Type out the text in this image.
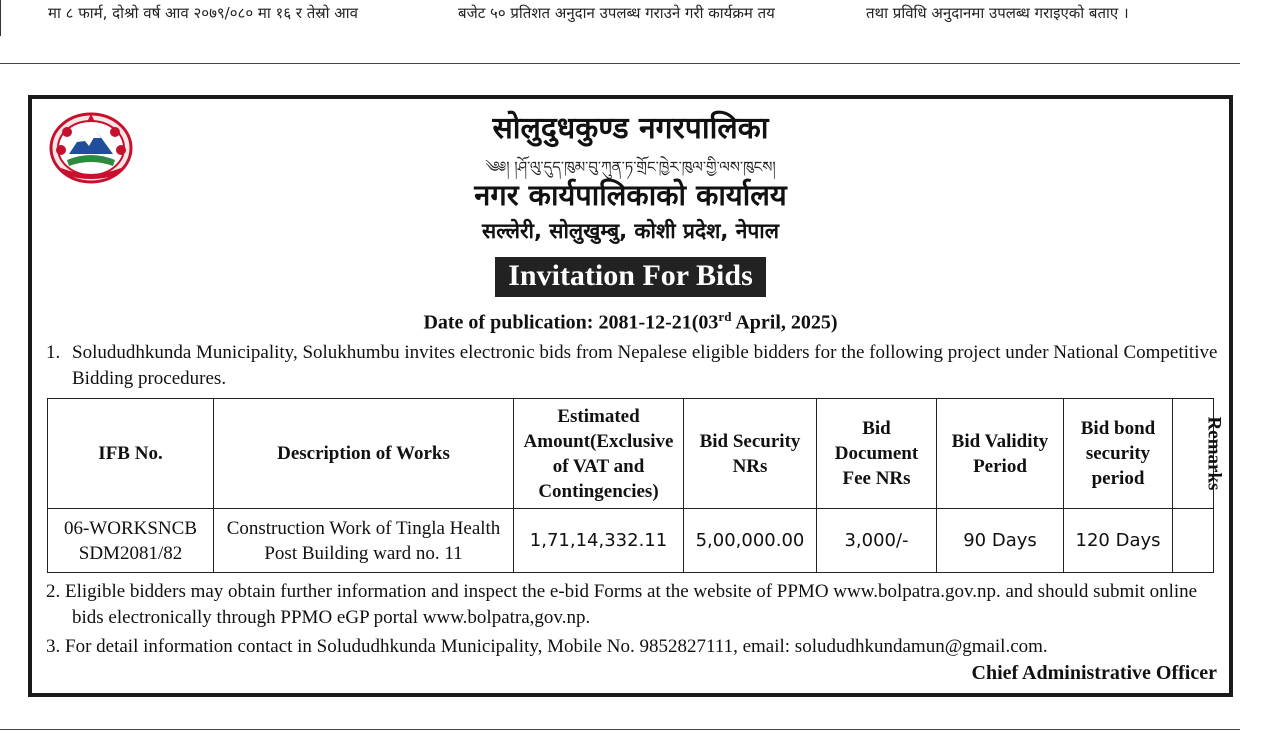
मा ८ फार्म, दोश्रो वर्ष आव २०७९/०८० मा १६ र तेस्रो आव	बजेट ५० प्रतिशत अनुदान उपलब्ध गराउने गरी कार्यक्रम तय	तथा प्रविधि अनुदानमा उपलब्ध गराइएको बताए ।
सोलुदुधकुण्ड नगरपालिका
༄༅། །ཤོ་ལུ་དུད་ཁུམ་བུ་ཀུན་ཏ་གྲོང་ཁྱེར་ཁུལ་གྱི་ལས་ཁུངས།
नगर कार्यपालिकाको कार्यालय
सल्लेरी, सोलुखुम्बु, कोशी प्रदेश, नेपाल
Invitation For Bids
Date of publication: 2081-12-21(03rd April, 2025)
1. Solududhkunda Municipality, Solukhumbu invites electronic bids from Nepalese eligible bidders for the following project under National Competitive Bidding procedures.
IFB No.	Description of Works	Estimated Amount(Exclusive of VAT and Contingencies)	Bid Security NRs	Bid Document Fee NRs	Bid Validity Period	Bid bond security period	Remarks
06-WORKSNCB SDM2081/82	Construction Work of Tingla Health Post Building ward no. 11	1,71,14,332.11	5,00,000.00	3,000/-	90 Days	120 Days	
2. Eligible bidders may obtain further information and inspect the e-bid Forms at the website of PPMO www.bolpatra.gov.np. and should submit online bids electronically through PPMO eGP portal www.bolpatra,gov.np.
3. For detail information contact in Solududhkunda Municipality, Mobile No. 9852827111, email: solududhkundamun@gmail.com.
Chief Administrative Officer
